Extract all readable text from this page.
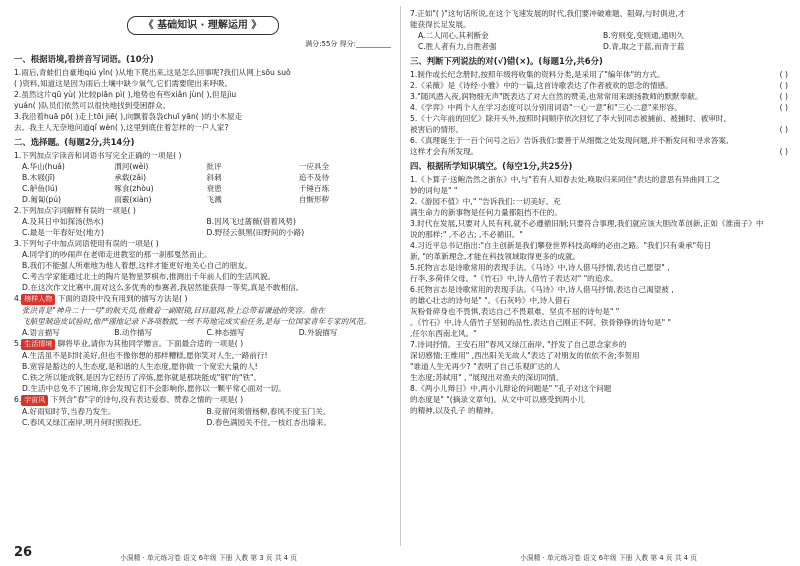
《 基础知识 · 理解运用 》
满分:55分 得分:__________
一、根据语境,看拼音写词语。(10分)
1.雨后,青蛙们自豪地qiú yǐn( )从地下爬出来,这是怎么回事呢?我们从网上sōu suǒ
( )资料,知道这是因为雨后土壤中缺少氧气,它们需要爬出来呼吸。
2.虽然这片qū yù( )比较piān pì( ),地势也有些xiǎn jùn( ),但是jìu
yuán( )队员们依然可以很快地找到受困群众。
3.我沿着huā pō( )走上tōi jiē( ),向飘着袅袅chuī yān( )的小木屋走
去。我主人无奈地问道qǐ wèn( ),这里到底住着怎样的一户人家?
二、选择题。(每题2分,共14分)
1.下列加点字读音和词语书写完全正确的一项是( )
A.华山(huá)	渭河(wèi)	批评	一应具全
B.木屐(jī)	承载(zǎi)	斜刺	追不及待
C.舻鱼(lú)	啄食(zhòu)	衰患	千锤百炼
D.匍匐(pú)	雨霰(xiàn)	飞溅	自惭形秽
2.下列加点字词解释有误的一项是( )
A.及其日中如探汤(热水)	B.因风飞过蔷薇(借着风势)
C.最是一年春好处(地方)	D.野径云俱黑(田野间的小路)
3.下列句子中加点词语使用有误的一项是( )
A.同学们的吵闹声在老师走进教室的那一刹那戛然而止。
B.我们不能强人所难地为他人着想,这样才能更好地关心自己的朋友。
C.考古学家能通过北土的陶片是物星罗棋布,推测出千年前人们的生活风貌。
D.在这次作文比赛中,面对这么多优秀的参赛者,我居然能获得一等奖,真是不敢相信。
4. 榜样人物 下面的语段中没有用到的描写方法是( )
张洪青是"神舟二十一号"的航天员,他戴着一副眼镜,目目温润,脸上总带着谦逊的笑容。他在
飞船里制造皮试验时,他严谨地记录下各项数据,一丝不苟地完成实验任务,是每一位国家青年专家的风范。
A.语言描写	B.动作描写	C.神态描写	D.外貌描写
5. 生活情境 聊将毕业,请你为其他同学赠言。下面最合适的一项是( )
A.生活虽不是时时美好,但也不像你想的那样糟糕,愿你笑对人生,一路前行!
B.宽容是豁达的人生态度,是和谐的人生态度,愿你做一个宽宏大量的人!
C.铁之所以能成钢,是因为它经历了淬炼,愿你就是那块能成"钢"的"铁"。
D.生活中总免不了困境,你会发现它们不会影响你,愿你以一颗平常心面对一切。
6. 宇宙风 下列含"春"字的诗句,没有表达爱春、赞春之情的一项是( )
A.好雨知时节,当春乃发生。	B.竞留何须惜杨柳,春风不度玉门关。
C.春风又绿江南岸,明月何时照我还。	D.春色满园关不住,一枝红杏出墙来。
26	小洞精 · 单元练习卷 语文 6年级 下册 人教 第 3 页 共 4 页
7.正如"( )"这句话所说,在这个飞速发展的时代,我们要冲破难题、阻碍,与时俱进,才
能获得长足发展。
A.二人同心,其利断金	B.穷则变,变则通,通则久
C.胜人者有力,自胜者强	D.青,取之于蓝,而青于蓝
三、判断下列说法的对(√)错(×)。(每题1分,共6分)
1.制作或长纪念册时,按照年级将收集的资料分类,是采用了"编年体"的方式。	( )
2.《采薇》是《诗经·小雅》中的一篇,这首诗歌表达了作者被欢的思念的情感。	( )
3."随风潜入夜,润物细无声"既表达了对大自然的赞美,也常常用来颂扬教师的默默奉献。	( )
4.《学弈》中两个人在学习态度可以分别用词语"一心一意"和"三心二意"来形容。	( )
5.《十六年前的回忆》除开头外,按照时间顺序依次回忆了李大钊同志被捕前、被捕时、被审时、
被害后的情形。	( )
6.《真理诞生于一百个问号之后》告诉我们:要善于从细微之处发现问题,并不断发问和寻求答案,
这样才会有所发现。	( )
四、根据所学知识填空。(每空1分,共25分)
1.《卜算子·送鲍浩然之浙东》中,与"若有人知春去处,唤取归来同住"表达的意思有异曲同工之
妙的词句是" "
2.《游园不值》中," "告诉我们:一切美好、充
满生命力的新事物是任何力量都阻挡不住的。
3.时代在发展,只要对人民有利,就不必遵循旧制;只要符合事理,我们就应该大胆改革创新,正如《淮南子》中
说的那样:" ,不必古; ,不必循旧。"
4.习近平总书记指出:"自主创新是我们攀登世界科技高峰的必由之路。"我们只有秉承"苟日
新, "的革新理念,才能在科技领域取得更多的成就。
5.托物言志是诗歌常用的表现手法。《马诗》中,诗人借马抒情,表达自己愿望" ,
行李,多荷伴父母。"《竹石》中,诗人借竹子表达对" "的追求。
6.托物言志是诗歌常用的表现手法。《马诗》中,诗人借马抒情,表达自己渴望被 ,
的雄心壮志的诗句是" "。《石灰吟》中,诗人借石
灰粉骨碎身也不畏惧,表达自己不畏艰难、坚贞不屈的诗句是" "
。《竹石》中,诗人借竹子坚韧的品性,表达自己刚正不阿、铁骨铮铮的诗句是" "
,任尔东西南北风。"
7.诗词抒情。王安石用"春风又绿江南岸, "抒发了自己思念家乡的
深切感情;王维用" ,西出阳关无故人"表达了对朋友的依依不舍;李贺用
"谁道人生无再少? "表明了自己乐观旷达的人
生态度;苏轼用" , "展现出对渔夫的深切同情。
8.《两小儿辩日》中,两小儿辩论的问题是" "孔子对这个问题
的态度是" "(摘录文章句)。从文中可以感受到两小儿
的精神,以及孔子 的精神。
小洞精 · 单元练习卷 语文 6年级 下册 人教 第 4 页 共 4 页
